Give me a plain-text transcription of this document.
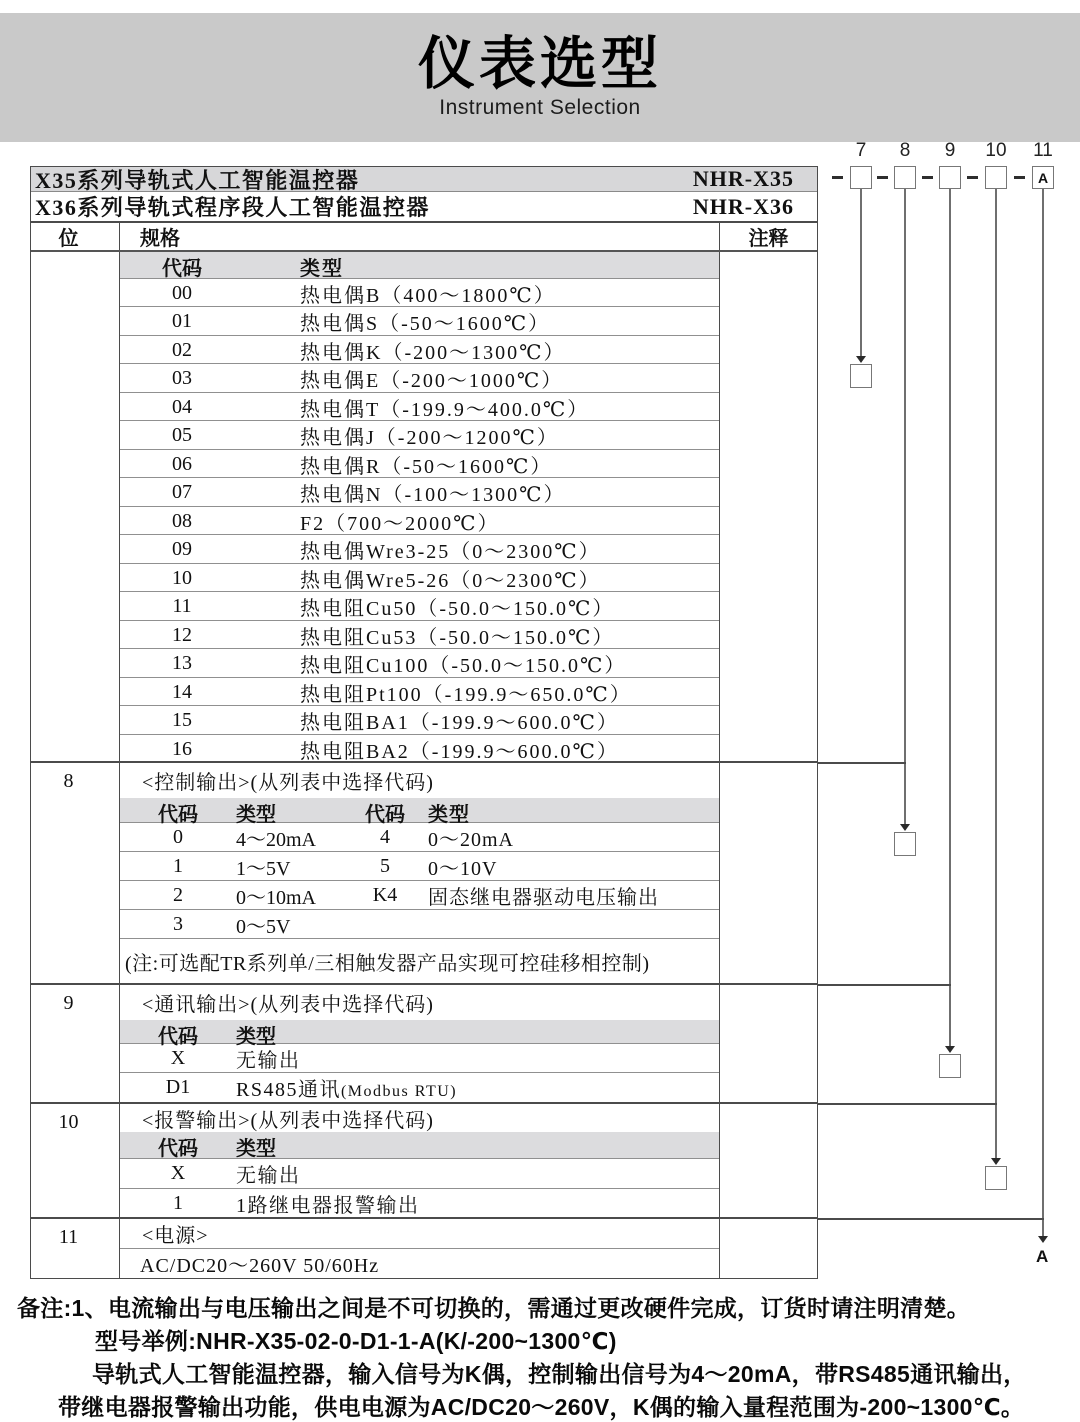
仪表选型
Instrument Selection
7	8	9	10	11
A
A
X35系列导轨式人工智能温控器	NHR-X35
X36系列导轨式程序段人工智能温控器	NHR-X36
位	规格	注释
代码	类型
00	热电偶B（400～1800℃）
01	热电偶S（-50～1600℃）
02	热电偶K（-200～1300℃）
03	热电偶E（-200～1000℃）
04	热电偶T（-199.9～400.0℃）
05	热电偶J（-200～1200℃）
06	热电偶R（-50～1600℃）
07	热电偶N（-100～1300℃）
08	F2（700～2000℃）
09	热电偶Wre3-25（0～2300℃）
10	热电偶Wre5-26（0～2300℃）
11	热电阻Cu50（-50.0～150.0℃）
12	热电阻Cu53（-50.0～150.0℃）
13	热电阻Cu100（-50.0～150.0℃）
14	热电阻Pt100（-199.9～650.0℃）
15	热电阻BA1（-199.9～600.0℃）
16	热电阻BA2（-199.9～600.0℃）
8	<控制输出>(从列表中选择代码)
代码	类型	代码	类型
0	4～20mA	4	0～20mA
1	1～5V	5	0～10V
2	0～10mA	K4	固态继电器驱动电压输出
3	0～5V
(注:可选配TR系列单/三相触发器产品实现可控硅移相控制)
9	<通讯输出>(从列表中选择代码)
代码	类型
X	无输出
D1	RS485通讯(Modbus RTU)
10	<报警输出>(从列表中选择代码)
代码	类型
X	无输出
1	1路继电器报警输出
11	<电源>
AC/DC20～260V 50/60Hz
备注:1、电流输出与电压输出之间是不可切换的，需通过更改硬件完成，订货时请注明清楚。
型号举例:NHR-X35-02-0-D1-1-A(K/-200~1300℃)
导轨式人工智能温控器，输入信号为K偶，控制输出信号为4～20mA，带RS485通讯输出，
带继电器报警输出功能，供电电源为AC/DC20～260V，K偶的输入量程范围为-200~1300℃。
